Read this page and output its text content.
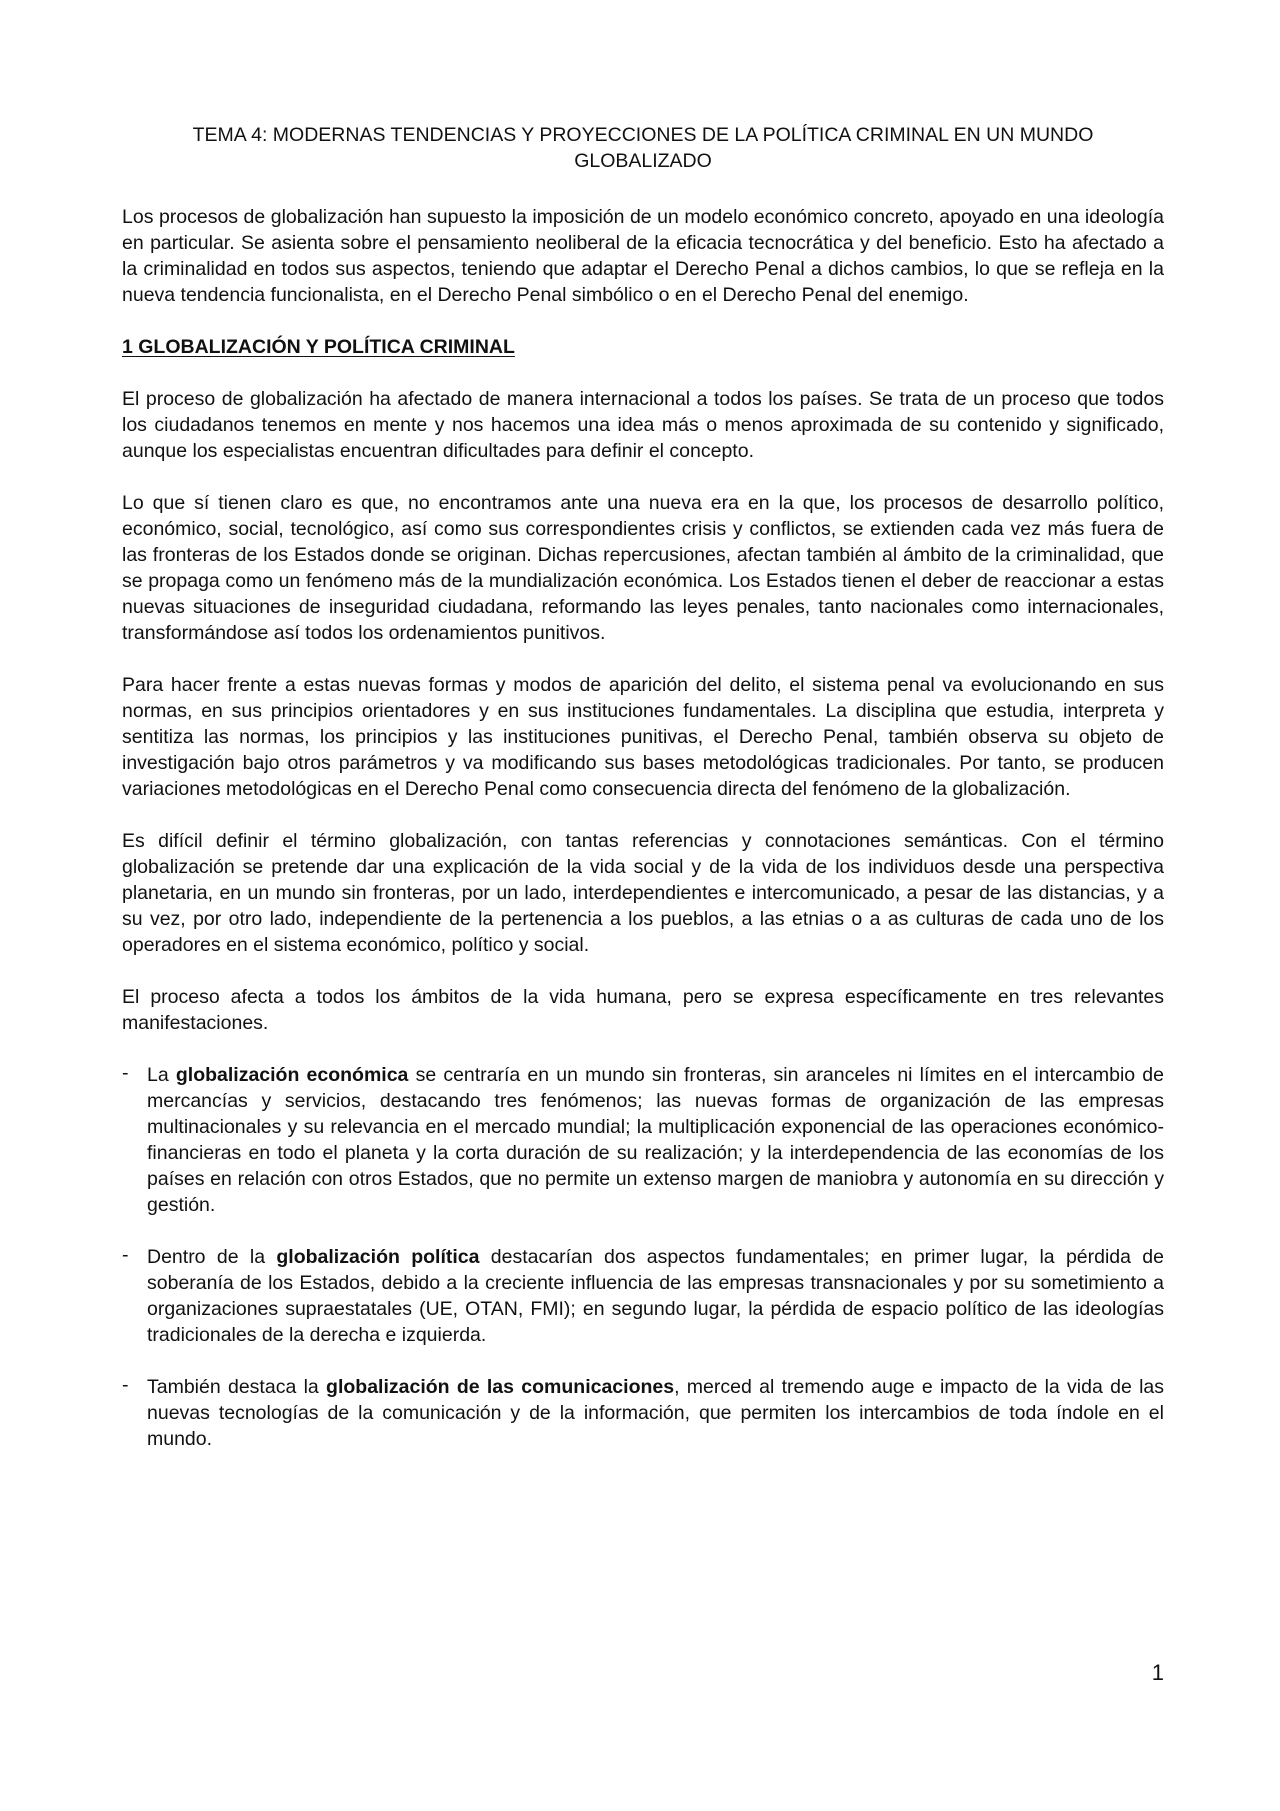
TEMA 4: MODERNAS TENDENCIAS Y PROYECCIONES DE LA POLÍTICA CRIMINAL EN UN MUNDO GLOBALIZADO

Los procesos de globalización han supuesto la imposición de un modelo económico concreto, apoyado en una ideología en particular. Se asienta sobre el pensamiento neoliberal de la eficacia tecnocrática y del beneficio. Esto ha afectado a la criminalidad en todos sus aspectos, teniendo que adaptar el Derecho Penal a dichos cambios, lo que se refleja en la nueva tendencia funcionalista, en el Derecho Penal simbólico o en el Derecho Penal del enemigo.

1 GLOBALIZACIÓN Y POLÍTICA CRIMINAL

El proceso de globalización ha afectado de manera internacional a todos los países. Se trata de un proceso que todos los ciudadanos tenemos en mente y nos hacemos una idea más o menos aproximada de su contenido y significado, aunque los especialistas encuentran dificultades para definir el concepto.

Lo que sí tienen claro es que, no encontramos ante una nueva era en la que, los procesos de desarrollo político, económico, social, tecnológico, así como sus correspondientes crisis y conflictos, se extienden cada vez más fuera de las fronteras de los Estados donde se originan. Dichas repercusiones, afectan también al ámbito de la criminalidad, que se propaga como un fenómeno más de la mundialización económica. Los Estados tienen el deber de reaccionar a estas nuevas situaciones de inseguridad ciudadana, reformando las leyes penales, tanto nacionales como internacionales, transformándose así todos los ordenamientos punitivos.

Para hacer frente a estas nuevas formas y modos de aparición del delito, el sistema penal va evolucionando en sus normas, en sus principios orientadores y en sus instituciones fundamentales. La disciplina que estudia, interpreta y sentitiza las normas, los principios y las instituciones punitivas, el Derecho Penal, también observa su objeto de investigación bajo otros parámetros y va modificando sus bases metodológicas tradicionales. Por tanto, se producen variaciones metodológicas en el Derecho Penal como consecuencia directa del fenómeno de la globalización.

Es difícil definir el término globalización, con tantas referencias y connotaciones semánticas. Con el término globalización se pretende dar una explicación de la vida social y de la vida de los individuos desde una perspectiva planetaria, en un mundo sin fronteras, por un lado, interdependientes e intercomunicado, a pesar de las distancias, y a su vez, por otro lado, independiente de la pertenencia a los pueblos, a las etnias o a as culturas de cada uno de los operadores en el sistema económico, político y social.

El proceso afecta a todos los ámbitos de la vida humana, pero se expresa específicamente en tres relevantes manifestaciones.

- La globalización económica se centraría en un mundo sin fronteras, sin aranceles ni límites en el intercambio de mercancías y servicios, destacando tres fenómenos; las nuevas formas de organización de las empresas multinacionales y su relevancia en el mercado mundial; la multiplicación exponencial de las operaciones económico-financieras en todo el planeta y la corta duración de su realización; y la interdependencia de las economías de los países en relación con otros Estados, que no permite un extenso margen de maniobra y autonomía en su dirección y gestión.
- Dentro de la globalización política destacarían dos aspectos fundamentales; en primer lugar, la pérdida de soberanía de los Estados, debido a la creciente influencia de las empresas transnacionales y por su sometimiento a organizaciones supraestatales (UE, OTAN, FMI); en segundo lugar, la pérdida de espacio político de las ideologías tradicionales de la derecha e izquierda.
- También destaca la globalización de las comunicaciones, merced al tremendo auge e impacto de la vida de las nuevas tecnologías de la comunicación y de la información, que permiten los intercambios de toda índole en el mundo.
1
